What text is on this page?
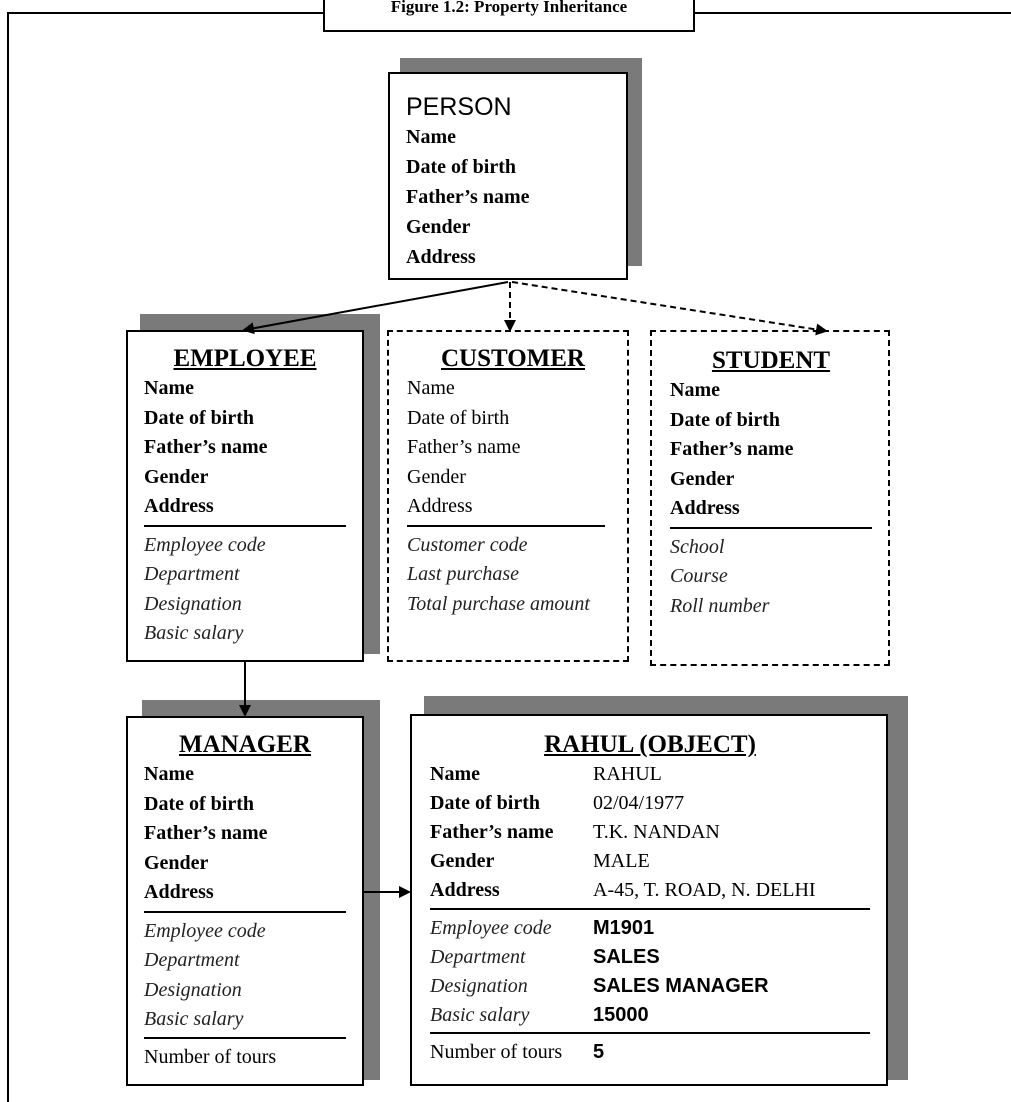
Figure 1.2: Property Inheritance
PERSON
Name
Date of birth
Father’s name
Gender
Address
EMPLOYEE
Name
Date of birth
Father’s name
Gender
Address
Employee code
Department
Designation
Basic salary
CUSTOMER
Name
Date of birth
Father’s name
Gender
Address
Customer code
Last purchase
Total purchase amount
STUDENT
Name
Date of birth
Father’s name
Gender
Address
School
Course
Roll number
MANAGER
Name
Date of birth
Father’s name
Gender
Address
Employee code
Department
Designation
Basic salary
Number of tours
RAHUL (OBJECT)
Name	RAHUL
Date of birth	02/04/1977
Father’s name	T.K. NANDAN
Gender	MALE
Address	A-45, T. ROAD, N. DELHI
Employee code	M1901
Department	SALES
Designation	SALES MANAGER
Basic salary	15000
Number of tours	5
